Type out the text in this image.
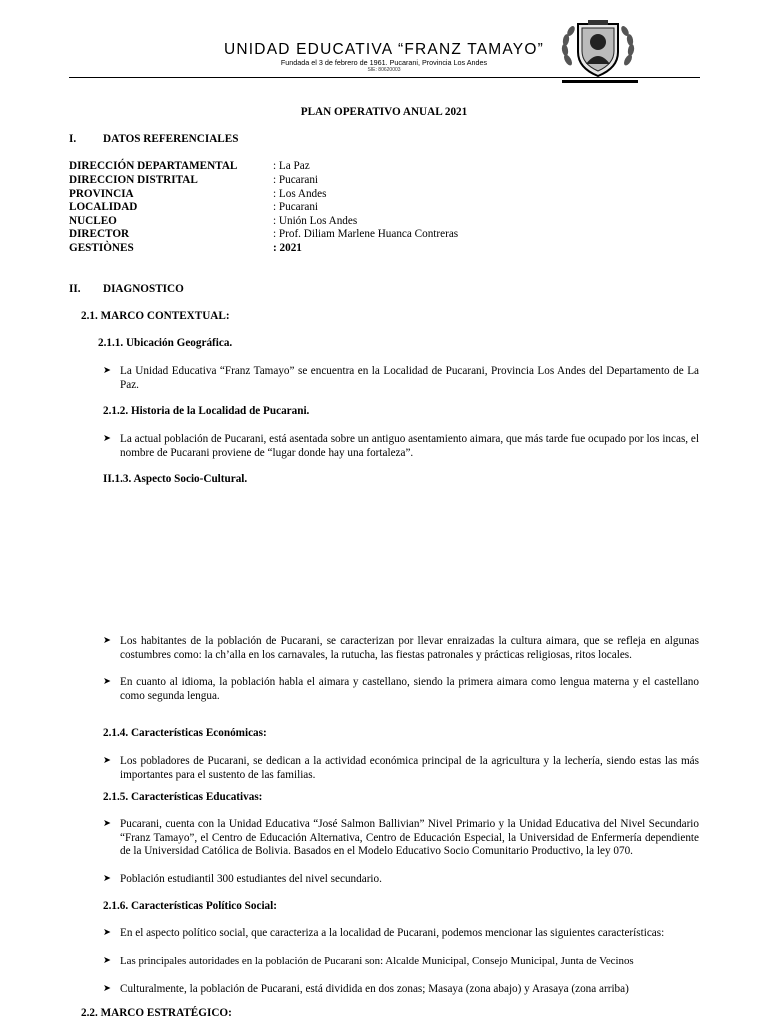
UNIDAD EDUCATIVA “FRANZ TAMAYO”
Fundada el 3 de febrero de 1961. Pucarani, Provincia Los Andes
SIE: 80620003
PLAN OPERATIVO ANUAL 2021
I. DATOS REFERENCIALES
DIRECCIÓN DEPARTAMENTAL	: La Paz
DIRECCION DISTRITAL	: Pucarani
PROVINCIA	: Los Andes
LOCALIDAD	: Pucarani
NUCLEO	: Unión Los Andes
DIRECTOR	: Prof. Diliam Marlene Huanca Contreras
GESTIÒNES	: 2021
II. DIAGNOSTICO
2.1. MARCO CONTEXTUAL:
2.1.1. Ubicación Geográfica.
➤ La Unidad Educativa “Franz Tamayo” se encuentra en la Localidad de Pucarani, Provincia Los Andes del Departamento de La Paz.
2.1.2. Historia de la Localidad de Pucarani.
➤ La actual población de Pucarani, está asentada sobre un antiguo asentamiento aimara, que más tarde fue ocupado por los incas, el nombre de Pucarani proviene de “lugar donde hay una fortaleza”.
II.1.3. Aspecto Socio-Cultural.
➤ Los habitantes de la población de Pucarani, se caracterizan por llevar enraizadas la cultura aimara, que se refleja en algunas costumbres como: la ch’alla en los carnavales, la rutucha, las fiestas patronales y prácticas religiosas, ritos locales.
➤ En cuanto al idioma, la población habla el aimara y castellano, siendo la primera aimara como lengua materna y el castellano como segunda lengua.
2.1.4. Características Económicas:
➤ Los pobladores de Pucarani, se dedican a la actividad económica principal de la agricultura y la lechería, siendo estas las más importantes para el sustento de las familias.
2.1.5. Características Educativas:
➤ Pucarani, cuenta con la Unidad Educativa “José Salmon Ballivian” Nivel Primario y la Unidad Educativa del Nivel Secundario “Franz Tamayo”, el Centro de Educación Alternativa, Centro de Educación Especial, la Universidad de Enfermería dependiente de la Universidad Católica de Bolivia. Basados en el Modelo Educativo Socio Comunitario Productivo, la ley 070.
➤ Población estudiantil 300 estudiantes del nivel secundario.
2.1.6. Características Político Social:
➤ En el aspecto político social, que caracteriza a la localidad de Pucarani, podemos mencionar las siguientes características:
➤ Las principales autoridades en la población de Pucarani son: Alcalde Municipal, Consejo Municipal, Junta de Vecinos
➤ Culturalmente, la población de Pucarani, está dividida en dos zonas; Masaya (zona abajo) y Arasaya (zona arriba)
2.2. MARCO ESTRATÉGICO:
